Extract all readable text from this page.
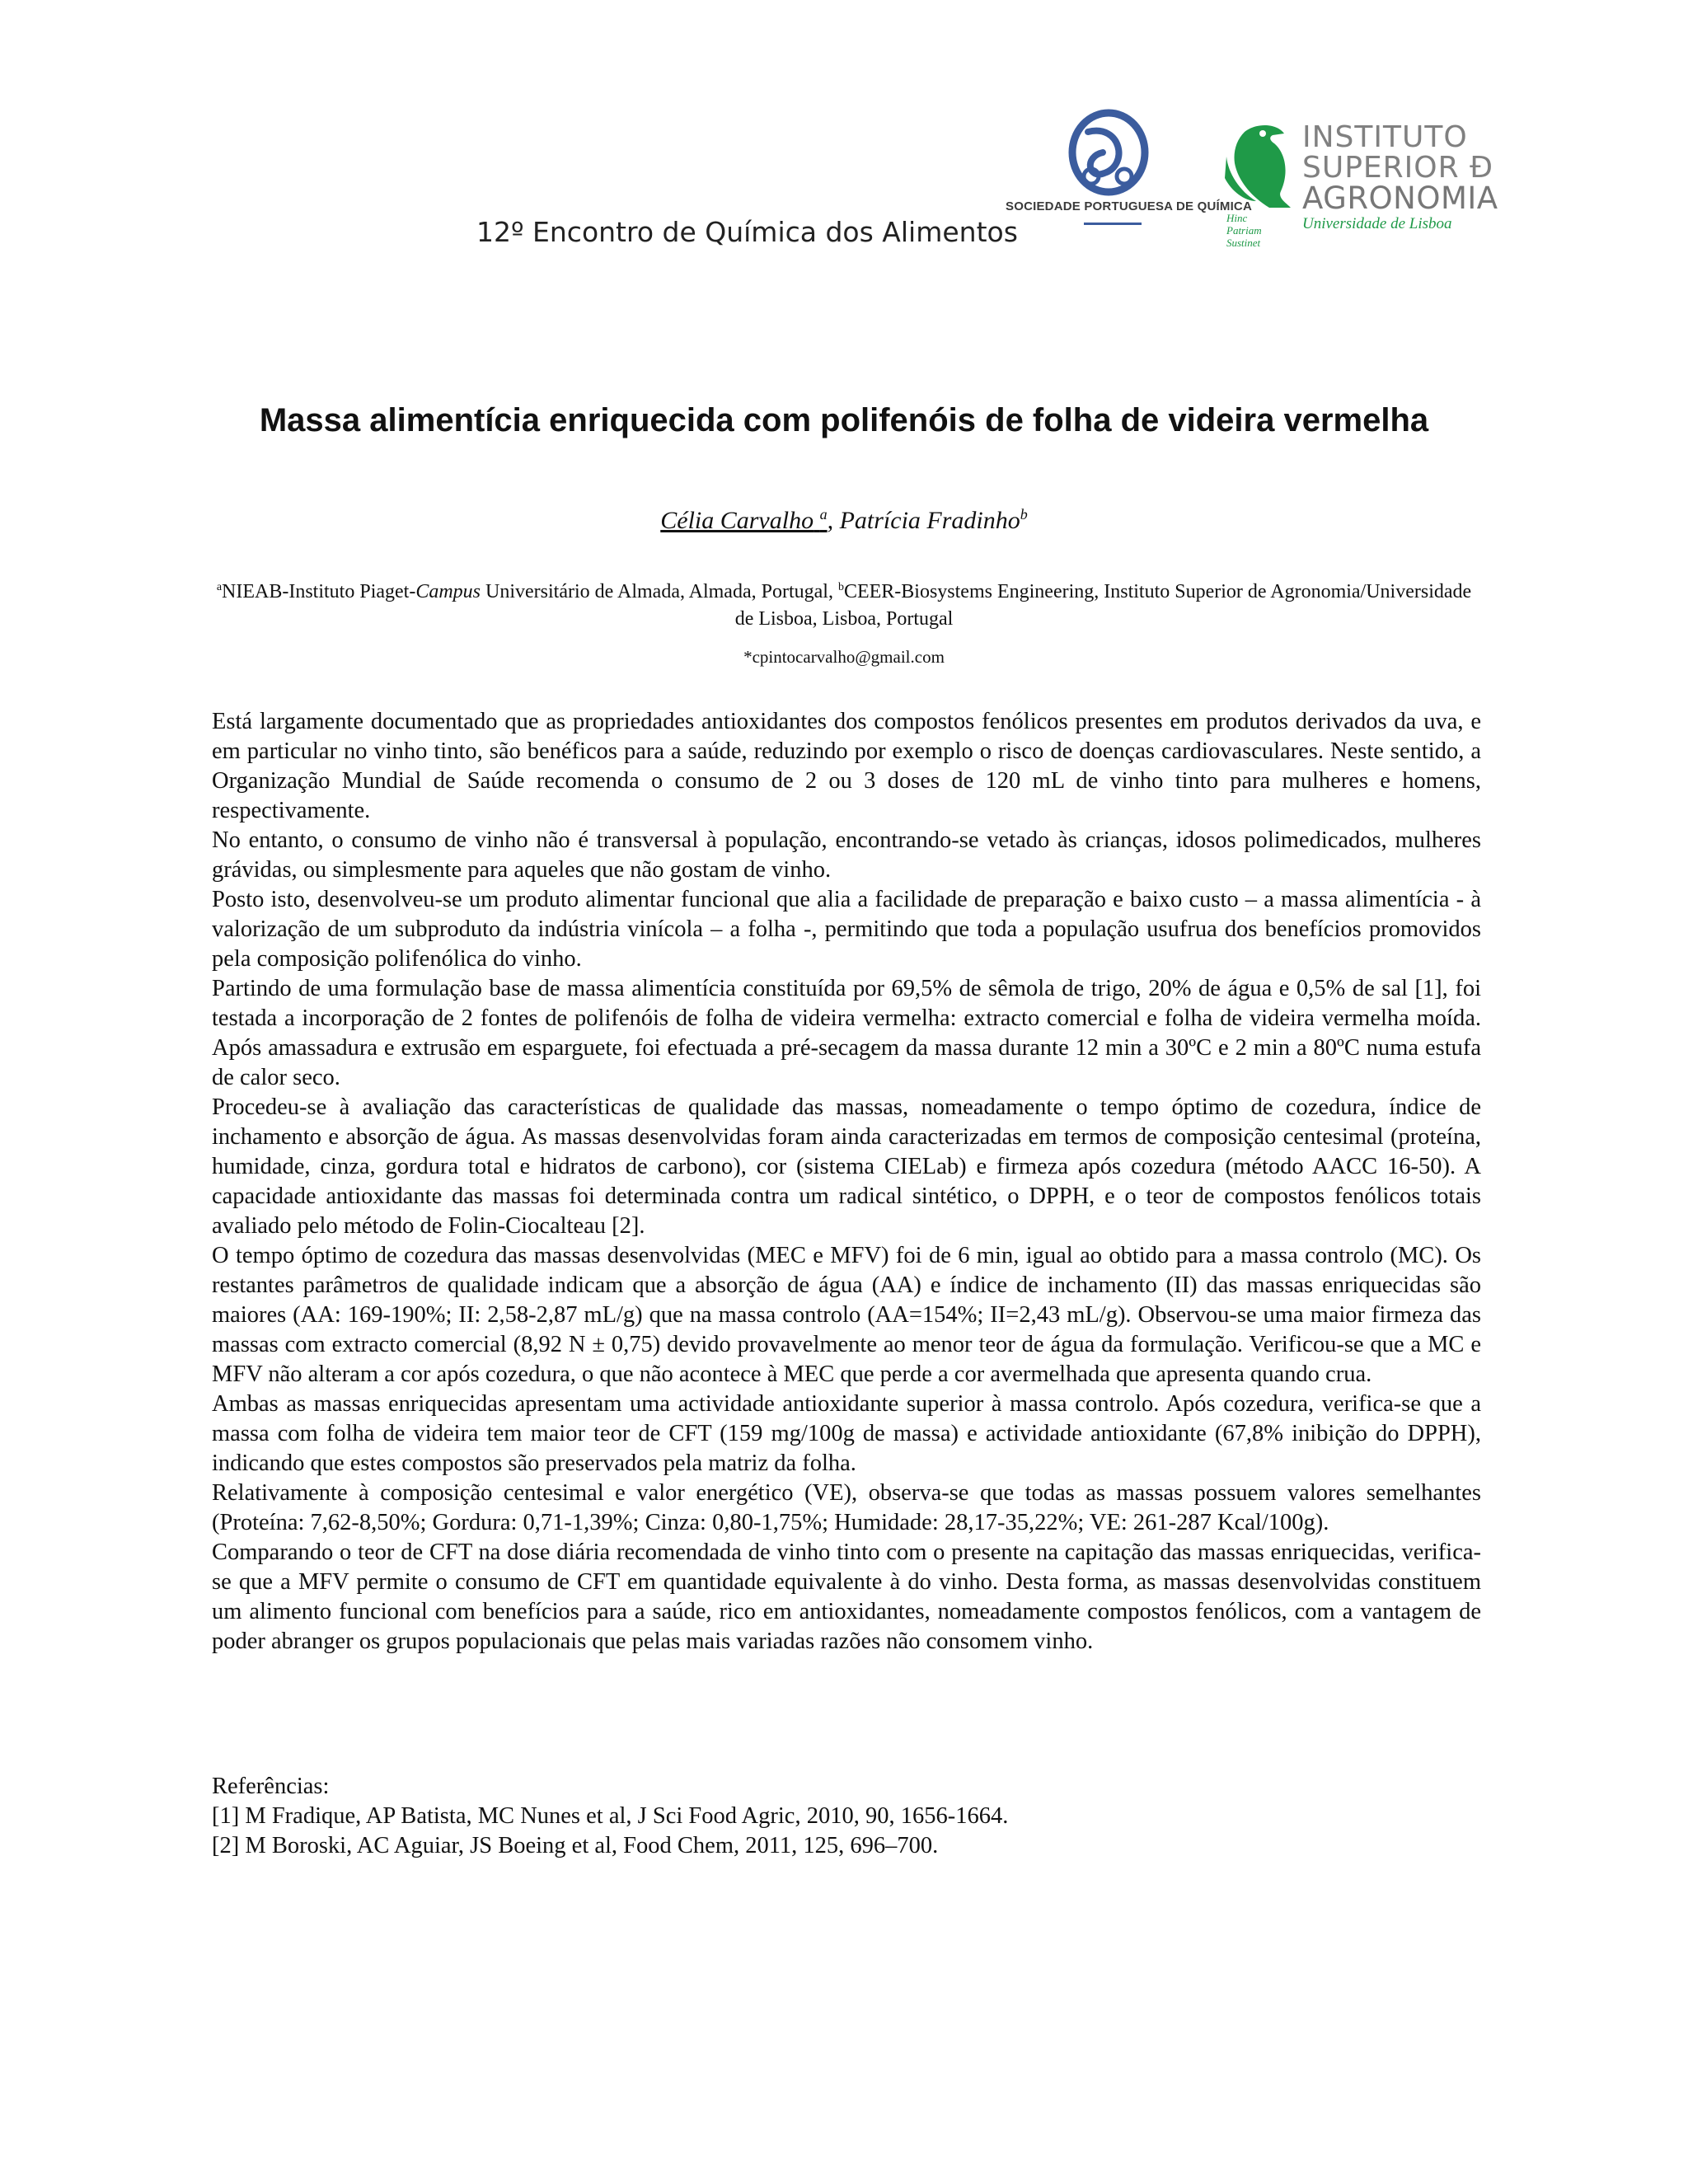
12º Encontro de Química dos Alimentos
SOCIEDADE PORTUGUESA DE QUÍMICA
Hinc
Patriam
Sustinet
INSTITUTO
SUPERIOR Đ
AGRONOMIA
Universidade de Lisboa
Massa alimentícia enriquecida com polifenóis de folha de videira vermelha
Célia Carvalho $^a$, Patrícia Fradinho$^b$
$^a$NIEAB-Instituto Piaget-Campus Universitário de Almada, Almada, Portugal, $^b$CEER-Biosystems Engineering, Instituto Superior de Agronomia/Universidade de Lisboa, Lisboa, Portugal
*cpintocarvalho@gmail.com

Está largamente documentado que as propriedades antioxidantes dos compostos fenólicos presentes em produtos derivados da uva, e em particular no vinho tinto, são benéficos para a saúde, reduzindo por exemplo o risco de doenças cardiovasculares. Neste sentido, a Organização Mundial de Saúde recomenda o consumo de 2 ou 3 doses de 120 mL de vinho tinto para mulheres e homens, respectivamente.

No entanto, o consumo de vinho não é transversal à população, encontrando-se vetado às crianças, idosos polimedicados, mulheres grávidas, ou simplesmente para aqueles que não gostam de vinho.

Posto isto, desenvolveu-se um produto alimentar funcional que alia a facilidade de preparação e baixo custo – a massa alimentícia - à valorização de um subproduto da indústria vinícola – a folha -, permitindo que toda a população usufrua dos benefícios promovidos pela composição polifenólica do vinho.

Partindo de uma formulação base de massa alimentícia constituída por 69,5% de sêmola de trigo, 20% de água e 0,5% de sal [1], foi testada a incorporação de 2 fontes de polifenóis de folha de videira vermelha: extracto comercial e folha de videira vermelha moída. Após amassadura e extrusão em esparguete, foi efectuada a pré-secagem da massa durante 12 min a 30ºC e 2 min a 80ºC numa estufa de calor seco.

Procedeu-se à avaliação das características de qualidade das massas, nomeadamente o tempo óptimo de cozedura, índice de inchamento e absorção de água. As massas desenvolvidas foram ainda caracterizadas em termos de composição centesimal (proteína, humidade, cinza, gordura total e hidratos de carbono), cor (sistema CIELab) e firmeza após cozedura (método AACC 16-50). A capacidade antioxidante das massas foi determinada contra um radical sintético, o DPPH, e o teor de compostos fenólicos totais avaliado pelo método de Folin-Ciocalteau [2].

O tempo óptimo de cozedura das massas desenvolvidas (MEC e MFV) foi de 6 min, igual ao obtido para a massa controlo (MC). Os restantes parâmetros de qualidade indicam que a absorção de água (AA) e índice de inchamento (II) das massas enriquecidas são maiores (AA: 169-190%; II: 2,58-2,87 mL/g) que na massa controlo (AA=154%; II=2,43 mL/g). Observou-se uma maior firmeza das massas com extracto comercial (8,92 N ± 0,75) devido provavelmente ao menor teor de água da formulação. Verificou-se que a MC e MFV não alteram a cor após cozedura, o que não acontece à MEC que perde a cor avermelhada que apresenta quando crua.

Ambas as massas enriquecidas apresentam uma actividade antioxidante superior à massa controlo. Após cozedura, verifica-se que a massa com folha de videira tem maior teor de CFT (159 mg/100g de massa) e actividade antioxidante (67,8% inibição do DPPH), indicando que estes compostos são preservados pela matriz da folha.

Relativamente à composição centesimal e valor energético (VE), observa-se que todas as massas possuem valores semelhantes (Proteína: 7,62-8,50%; Gordura: 0,71-1,39%; Cinza: 0,80-1,75%; Humidade: 28,17-35,22%; VE: 261-287 Kcal/100g).

Comparando o teor de CFT na dose diária recomendada de vinho tinto com o presente na capitação das massas enriquecidas, verifica-se que a MFV permite o consumo de CFT em quantidade equivalente à do vinho. Desta forma, as massas desenvolvidas constituem um alimento funcional com benefícios para a saúde, rico em antioxidantes, nomeadamente compostos fenólicos, com a vantagem de poder abranger os grupos populacionais que pelas mais variadas razões não consomem vinho.

Referências:
[1] M Fradique, AP Batista, MC Nunes et al, J Sci Food Agric, 2010, 90, 1656-1664.
[2] M Boroski, AC Aguiar, JS Boeing et al, Food Chem, 2011, 125, 696–700.
